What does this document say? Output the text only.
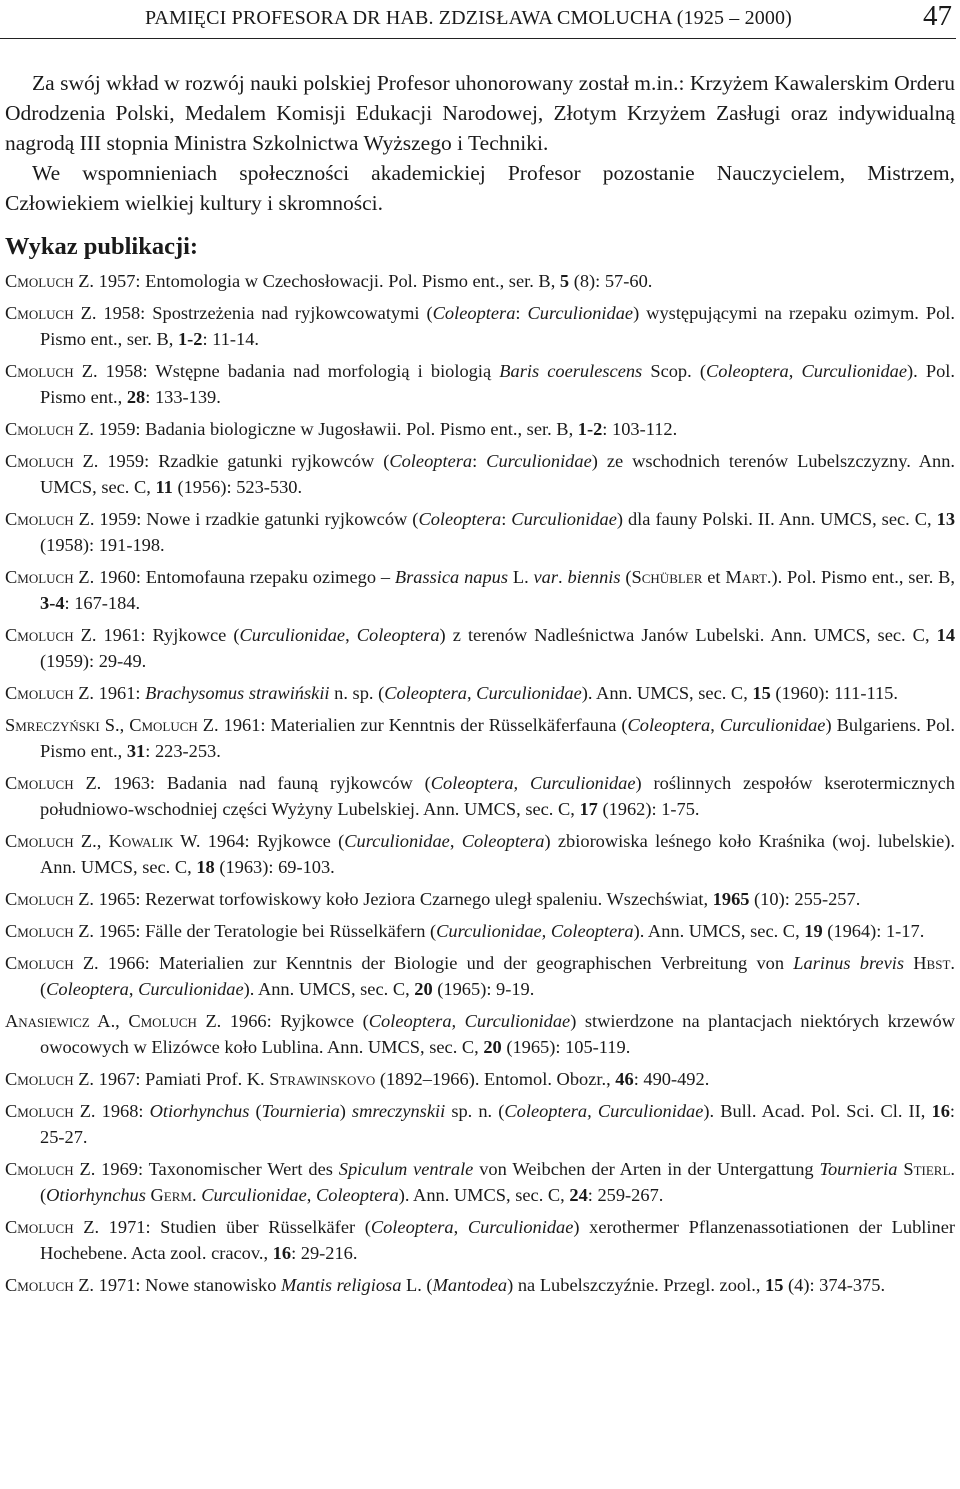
PAMIĘCI PROFESORA DR HAB. ZDZISŁAWA CMOLUCHA (1925 – 2000)	47

Za swój wkład w rozwój nauki polskiej Profesor uhonorowany został m.in.: Krzyżem Kawalerskim Orderu Odrodzenia Polski, Medalem Komisji Edukacji Narodowej, Złotym Krzyżem Zasługi oraz indywidualną nagrodą III stopnia Ministra Szkolnictwa Wyższego i Techniki.

We wspomnieniach społeczności akademickiej Profesor pozostanie Nauczycielem, Mistrzem, Człowiekiem wielkiej kultury i skromności.

Wykaz publikacji:
Cmoluch Z. 1957: Entomologia w Czechosłowacji. Pol. Pismo ent., ser. B, 5 (8): 57-60.
Cmoluch Z. 1958: Spostrzeżenia nad ryjkowcowatymi (Coleoptera: Curculionidae) występującymi na rzepaku ozimym. Pol. Pismo ent., ser. B, 1-2: 11-14.
Cmoluch Z. 1958: Wstępne badania nad morfologią i biologią Baris coerulescens Scop. (Coleoptera, Curculionidae). Pol. Pismo ent., 28: 133-139.
Cmoluch Z. 1959: Badania biologiczne w Jugosławii. Pol. Pismo ent., ser. B, 1-2: 103-112.
Cmoluch Z. 1959: Rzadkie gatunki ryjkowców (Coleoptera: Curculionidae) ze wschodnich terenów Lubelszczyzny. Ann. UMCS, sec. C, 11 (1956): 523-530.
Cmoluch Z. 1959: Nowe i rzadkie gatunki ryjkowców (Coleoptera: Curculionidae) dla fauny Polski. II. Ann. UMCS, sec. C, 13 (1958): 191-198.
Cmoluch Z. 1960: Entomofauna rzepaku ozimego – Brassica napus L. var. biennis (Schübler et Mart.). Pol. Pismo ent., ser. B, 3-4: 167-184.
Cmoluch Z. 1961: Ryjkowce (Curculionidae, Coleoptera) z terenów Nadleśnictwa Janów Lubelski. Ann. UMCS, sec. C, 14 (1959): 29-49.
Cmoluch Z. 1961: Brachysomus strawińskii n. sp. (Coleoptera, Curculionidae). Ann. UMCS, sec. C, 15 (1960): 111-115.
Smreczyński S., Cmoluch Z. 1961: Materialien zur Kenntnis der Rüsselkäferfauna (Coleoptera, Curculionidae) Bulgariens. Pol. Pismo ent., 31: 223-253.
Cmoluch Z. 1963: Badania nad fauną ryjkowców (Coleoptera, Curculionidae) roślinnych zespołów kserotermicznych południowo-wschodniej części Wyżyny Lubelskiej. Ann. UMCS, sec. C, 17 (1962): 1-75.
Cmoluch Z., Kowalik W. 1964: Ryjkowce (Curculionidae, Coleoptera) zbiorowiska leśnego koło Kraśnika (woj. lubelskie). Ann. UMCS, sec. C, 18 (1963): 69-103.
Cmoluch Z. 1965: Rezerwat torfowiskowy koło Jeziora Czarnego uległ spaleniu. Wszechświat, 1965 (10): 255-257.
Cmoluch Z. 1965: Fälle der Teratologie bei Rüsselkäfern (Curculionidae, Coleoptera). Ann. UMCS, sec. C, 19 (1964): 1-17.
Cmoluch Z. 1966: Materialien zur Kenntnis der Biologie und der geographischen Verbreitung von Larinus brevis Hbst. (Coleoptera, Curculionidae). Ann. UMCS, sec. C, 20 (1965): 9-19.
Anasiewicz A., Cmoluch Z. 1966: Ryjkowce (Coleoptera, Curculionidae) stwierdzone na plantacjach niektórych krzewów owocowych w Elizówce koło Lublina. Ann. UMCS, sec. C, 20 (1965): 105-119.
Cmoluch Z. 1967: Pamiati Prof. K. Strawinskovo (1892–1966). Entomol. Obozr., 46: 490-492.
Cmoluch Z. 1968: Otiorhynchus (Tournieria) smreczynskii sp. n. (Coleoptera, Curculionidae). Bull. Acad. Pol. Sci. Cl. II, 16: 25-27.
Cmoluch Z. 1969: Taxonomischer Wert des Spiculum ventrale von Weibchen der Arten in der Untergattung Tournieria Stierl. (Otiorhynchus Germ. Curculionidae, Coleoptera). Ann. UMCS, sec. C, 24: 259-267.
Cmoluch Z. 1971: Studien über Rüsselkäfer (Coleoptera, Curculionidae) xerothermer Pflanzenassotiationen der Lubliner Hochebene. Acta zool. cracov., 16: 29-216.
Cmoluch Z. 1971: Nowe stanowisko Mantis religiosa L. (Mantodea) na Lubelszczyźnie. Przegl. zool., 15 (4): 374-375.
